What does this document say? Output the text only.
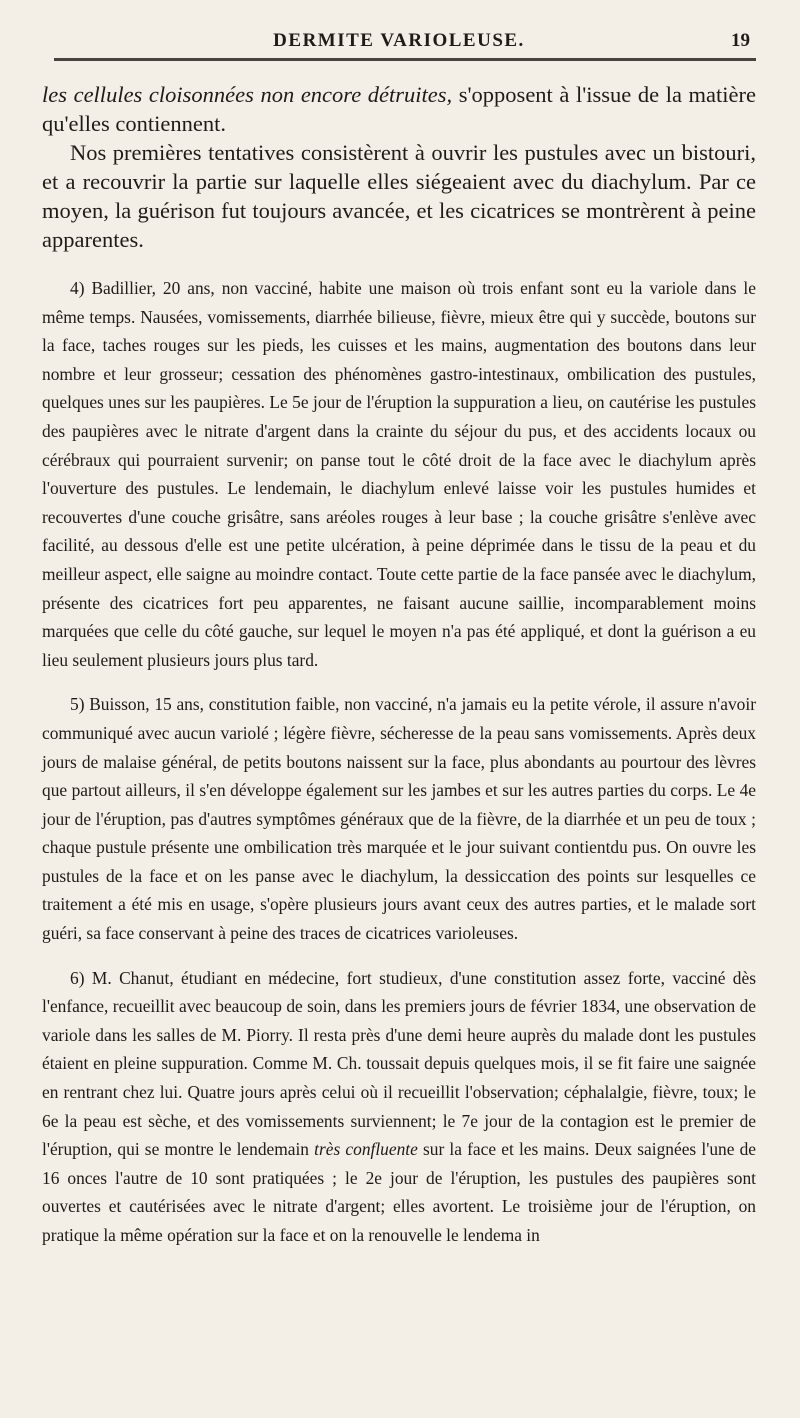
DERMITE VARIOLEUSE.	19

les cellules cloisonnées non encore détruites, s'opposent à l'issue de la matière qu'elles contiennent.

Nos premières tentatives consistèrent à ouvrir les pustules avec un bistouri, et a recouvrir la partie sur laquelle elles siégeaient avec du diachylum. Par ce moyen, la guérison fut toujours avancée, et les cicatrices se montrèrent à peine apparentes.

4) Badillier, 20 ans, non vacciné, habite une maison où trois enfant sont eu la variole dans le même temps. Nausées, vomissements, diarrhée bilieuse, fièvre, mieux être qui y succède, boutons sur la face, taches rouges sur les pieds, les cuisses et les mains, augmentation des boutons dans leur nombre et leur grosseur; cessation des phénomènes gastro-intestinaux, ombilication des pustules, quelques unes sur les paupières. Le 5e jour de l'éruption la suppuration a lieu, on cautérise les pustules des paupières avec le nitrate d'argent dans la crainte du séjour du pus, et des accidents locaux ou cérébraux qui pourraient survenir; on panse tout le côté droit de la face avec le diachylum après l'ouverture des pustules. Le lendemain, le diachylum enlevé laisse voir les pustules humides et recouvertes d'une couche grisâtre, sans aréoles rouges à leur base ; la couche grisâtre s'enlève avec facilité, au dessous d'elle est une petite ulcération, à peine déprimée dans le tissu de la peau et du meilleur aspect, elle saigne au moindre contact. Toute cette partie de la face pansée avec le diachylum, présente des cicatrices fort peu apparentes, ne faisant aucune saillie, incomparablement moins marquées que celle du côté gauche, sur lequel le moyen n'a pas été appliqué, et dont la guérison a eu lieu seulement plusieurs jours plus tard.

5) Buisson, 15 ans, constitution faible, non vacciné, n'a jamais eu la petite vérole, il assure n'avoir communiqué avec aucun variolé ; légère fièvre, sécheresse de la peau sans vomissements. Après deux jours de malaise général, de petits boutons naissent sur la face, plus abondants au pourtour des lèvres que partout ailleurs, il s'en développe également sur les jambes et sur les autres parties du corps. Le 4e jour de l'éruption, pas d'autres symptômes généraux que de la fièvre, de la diarrhée et un peu de toux ; chaque pustule présente une ombilication très marquée et le jour suivant contientdu pus. On ouvre les pustules de la face et on les panse avec le diachylum, la dessiccation des points sur lesquelles ce traitement a été mis en usage, s'opère plusieurs jours avant ceux des autres parties, et le malade sort guéri, sa face conservant à peine des traces de cicatrices varioleuses.

6) M. Chanut, étudiant en médecine, fort studieux, d'une constitution assez forte, vacciné dès l'enfance, recueillit avec beaucoup de soin, dans les premiers jours de février 1834, une observation de variole dans les salles de M. Piorry. Il resta près d'une demi heure auprès du malade dont les pustules étaient en pleine suppuration. Comme M. Ch. toussait depuis quelques mois, il se fit faire une saignée en rentrant chez lui. Quatre jours après celui où il recueillit l'observation; céphalalgie, fièvre, toux; le 6e la peau est sèche, et des vomissements surviennent; le 7e jour de la contagion est le premier de l'éruption, qui se montre le lendemain très confluente sur la face et les mains. Deux saignées l'une de 16 onces l'autre de 10 sont pratiquées ; le 2e jour de l'éruption, les pustules des paupières sont ouvertes et cautérisées avec le nitrate d'argent; elles avortent. Le troisième jour de l'éruption, on pratique la même opération sur la face et on la renouvelle le lendema in
